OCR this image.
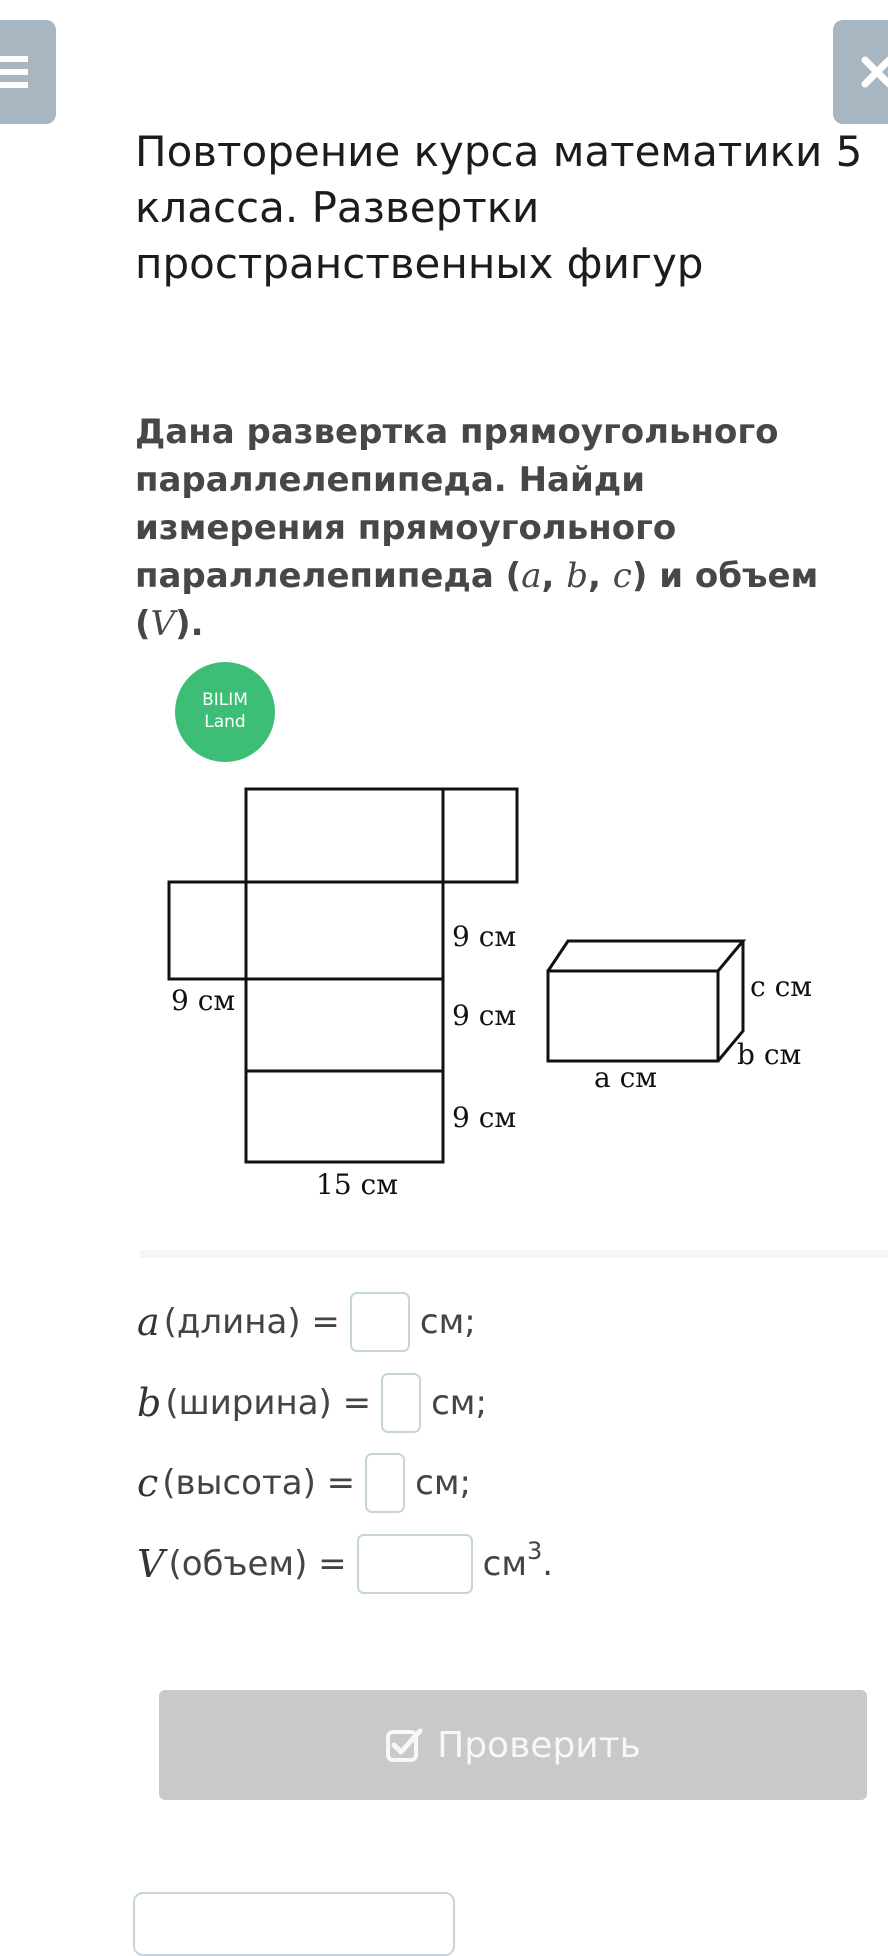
Повторение курса математики 5 класса. Развертки пространственных фигур

Дана развертка прямоугольного параллелепипеда. Найди измерения прямоугольного параллелепипеда (a, b, c) и объем (V).

BILIM
Land
9 см
9 см
9 см
9 см
15 см
c см
b см
a см
a (длина) = см;
b (ширина) = см;
c (высота) = см;
V (объем) =	$см^3$.
Проверить
